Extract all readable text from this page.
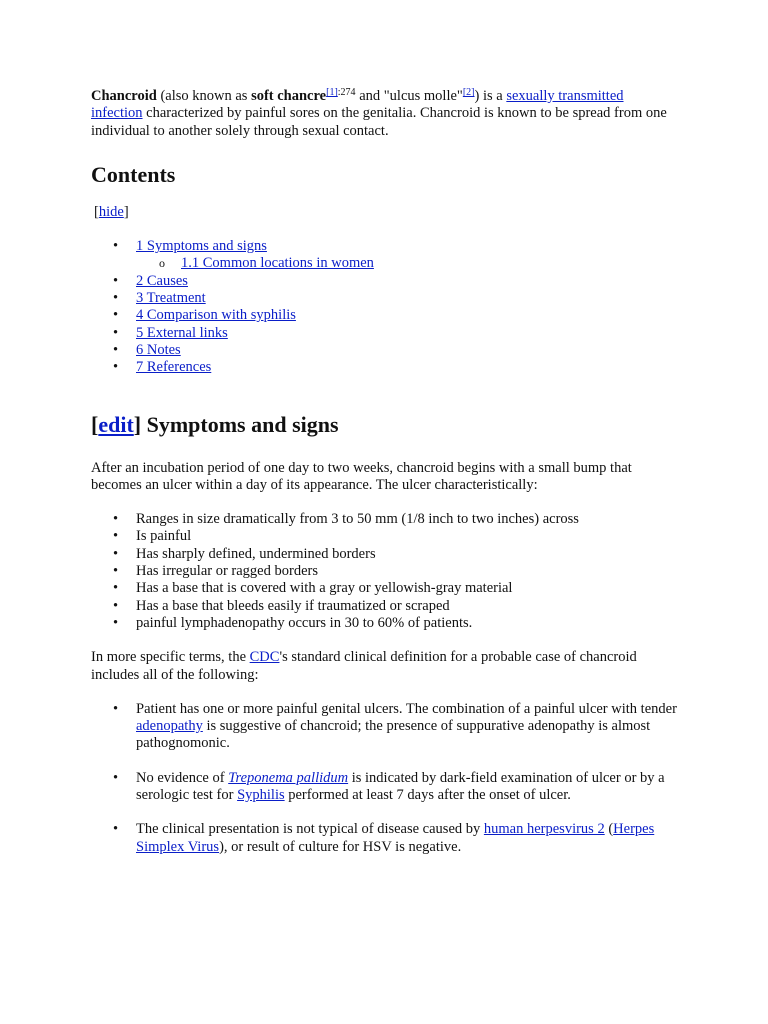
Chancroid (also known as soft chancre$^{[1]:274}$ and "ulcus molle"[2]) is a sexually transmitted infection characterized by painful sores on the genitalia. Chancroid is known to be spread from one individual to another solely through sexual contact.

Contents
[hide]
• 1 Symptoms and signs
o 1.1 Common locations in women
• 2 Causes
• 3 Treatment
• 4 Comparison with syphilis
• 5 External links
• 6 Notes
• 7 References
[edit] Symptoms and signs

After an incubation period of one day to two weeks, chancroid begins with a small bump that becomes an ulcer within a day of its appearance. The ulcer characteristically:

• Ranges in size dramatically from 3 to 50 mm (1/8 inch to two inches) across
• Is painful
• Has sharply defined, undermined borders
• Has irregular or ragged borders
• Has a base that is covered with a gray or yellowish-gray material
• Has a base that bleeds easily if traumatized or scraped
• painful lymphadenopathy occurs in 30 to 60% of patients.

In more specific terms, the CDC's standard clinical definition for a probable case of chancroid includes all of the following:

• Patient has one or more painful genital ulcers. The combination of a painful ulcer with tender adenopathy is suggestive of chancroid; the presence of suppurative adenopathy is almost pathognomonic.
• No evidence of Treponema pallidum is indicated by dark-field examination of ulcer or by a serologic test for Syphilis performed at least 7 days after the onset of ulcer.
• The clinical presentation is not typical of disease caused by human herpesvirus 2 (Herpes Simplex Virus), or result of culture for HSV is negative.
